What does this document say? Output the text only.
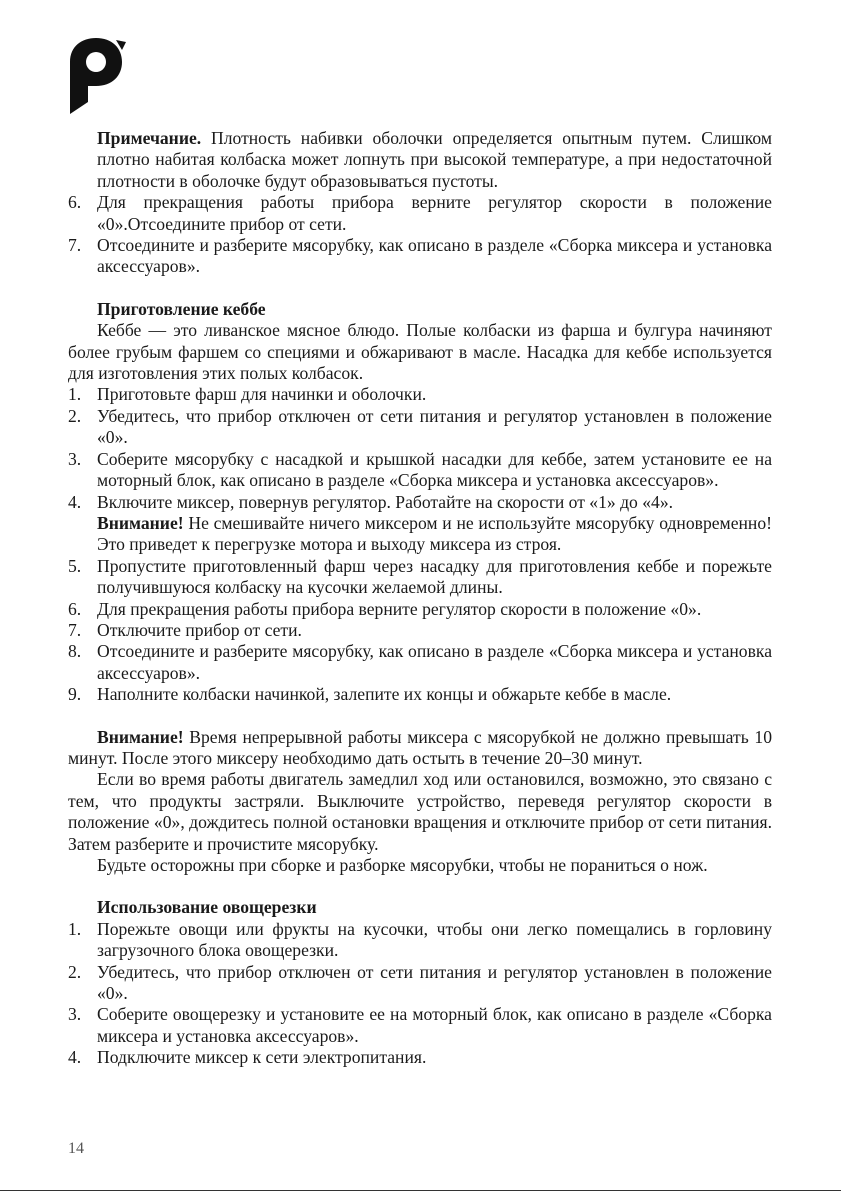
Примечание. Плотность набивки оболочки определяется опытным путем. Слишком плотно набитая колбаска может лопнуть при высокой температуре, а при недостаточной плотности в оболочке будут образовываться пустоты.

6. Для прекращения работы прибора верните регулятор скорости в положение «0».Отсоедините прибор от сети.
7. Отсоедините и разберите мясорубку, как описано в разделе «Сборка миксера и установка аксессуаров».

Приготовление кеббе

Кеббе — это ливанское мясное блюдо. Полые колбаски из фарша и булгура начиняют более грубым фаршем со специями и обжаривают в масле. Насадка для кеббе используется для изготовления этих полых колбасок.

1. Приготовьте фарш для начинки и оболочки.
2. Убедитесь, что прибор отключен от сети питания и регулятор установлен в положение «0».
3. Соберите мясорубку с насадкой и крышкой насадки для кеббе, затем установите ее на моторный блок, как описано в разделе «Сборка миксера и установка аксессуаров».
4. Включите миксер, повернув регулятор. Работайте на скорости от «1» до «4».
Внимание! Не смешивайте ничего миксером и не используйте мясорубку одновременно! Это приведет к перегрузке мотора и выходу миксера из строя.
5. Пропустите приготовленный фарш через насадку для приготовления кеббе и порежьте получившуюся колбаску на кусочки желаемой длины.
6. Для прекращения работы прибора верните регулятор скорости в положение «0».
7. Отключите прибор от сети.
8. Отсоедините и разберите мясорубку, как описано в разделе «Сборка миксера и установка аксессуаров».
9. Наполните колбаски начинкой, залепите их концы и обжарьте кеббе в масле.

Внимание! Время непрерывной работы миксера с мясорубкой не должно превышать 10 минут. После этого миксеру необходимо дать остыть в течение 20–30 минут.

Если во время работы двигатель замедлил ход или остановился, возможно, это связано с тем, что продукты застряли. Выключите устройство, переведя регулятор скорости в положение «0», дождитесь полной остановки вращения и отключите прибор от сети питания. Затем разберите и прочистите мясорубку.

Будьте осторожны при сборке и разборке мясорубки, чтобы не пораниться о нож.

Использование овощерезки

1. Порежьте овощи или фрукты на кусочки, чтобы они легко помещались в горловину загрузочного блока овощерезки.
2. Убедитесь, что прибор отключен от сети питания и регулятор установлен в положение «0».
3. Соберите овощерезку и установите ее на моторный блок, как описано в разделе «Сборка миксера и установка аксессуаров».
4. Подключите миксер к сети электропитания.
14
